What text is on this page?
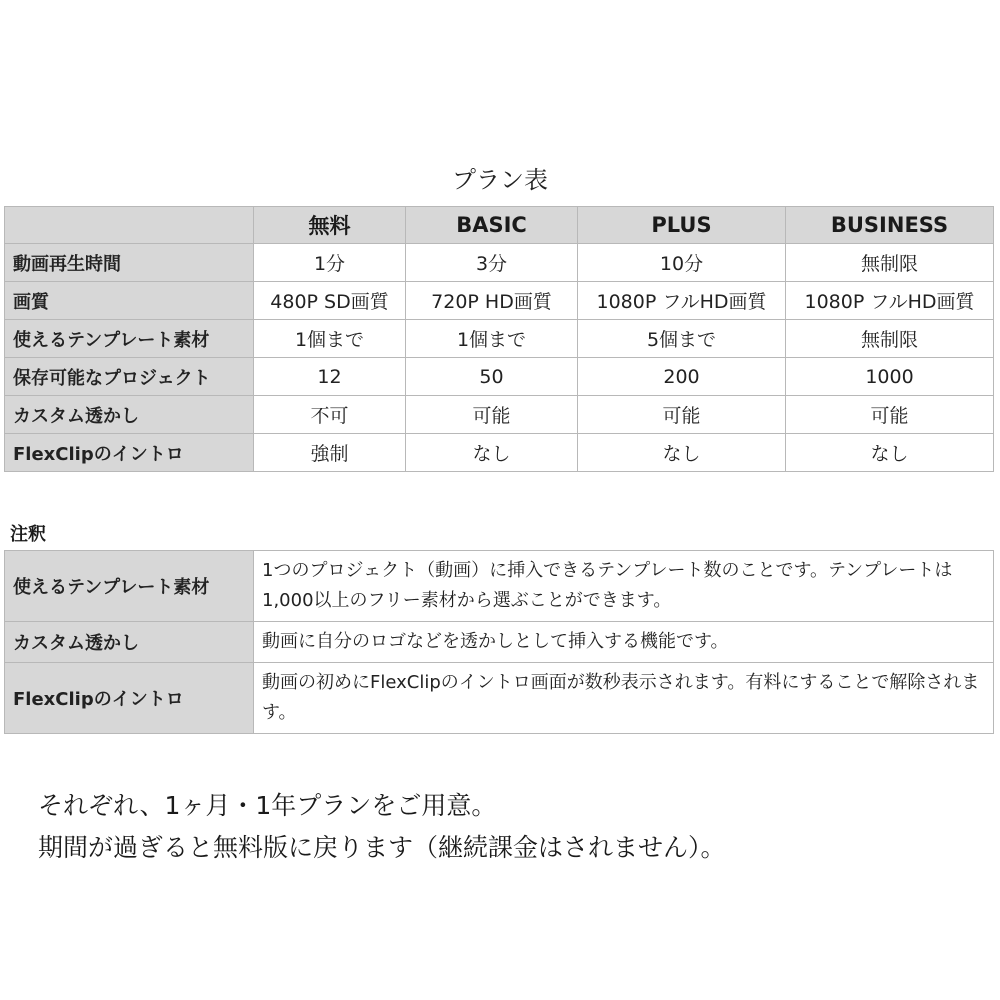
プラン表
	無料	BASIC	PLUS	BUSINESS
動画再生時間	1分	3分	10分	無制限
画質	480P SD画質	720P HD画質	1080P フルHD画質	1080P フルHD画質
使えるテンプレート素材	1個まで	1個まで	5個まで	無制限
保存可能なプロジェクト	12	50	200	1000
カスタム透かし	不可	可能	可能	可能
FlexClipのイントロ	強制	なし	なし	なし
注釈
使えるテンプレート素材	1つのプロジェクト（動画）に挿入できるテンプレート数のことです。テンプレートは1,000以上のフリー素材から選ぶことができます。
カスタム透かし	動画に自分のロゴなどを透かしとして挿入する機能です。
FlexClipのイントロ	動画の初めにFlexClipのイントロ画面が数秒表示されます。有料にすることで解除されます。
それぞれ、1ヶ月・1年プランをご用意。
期間が過ぎると無料版に戻ります（継続課金はされません）。
